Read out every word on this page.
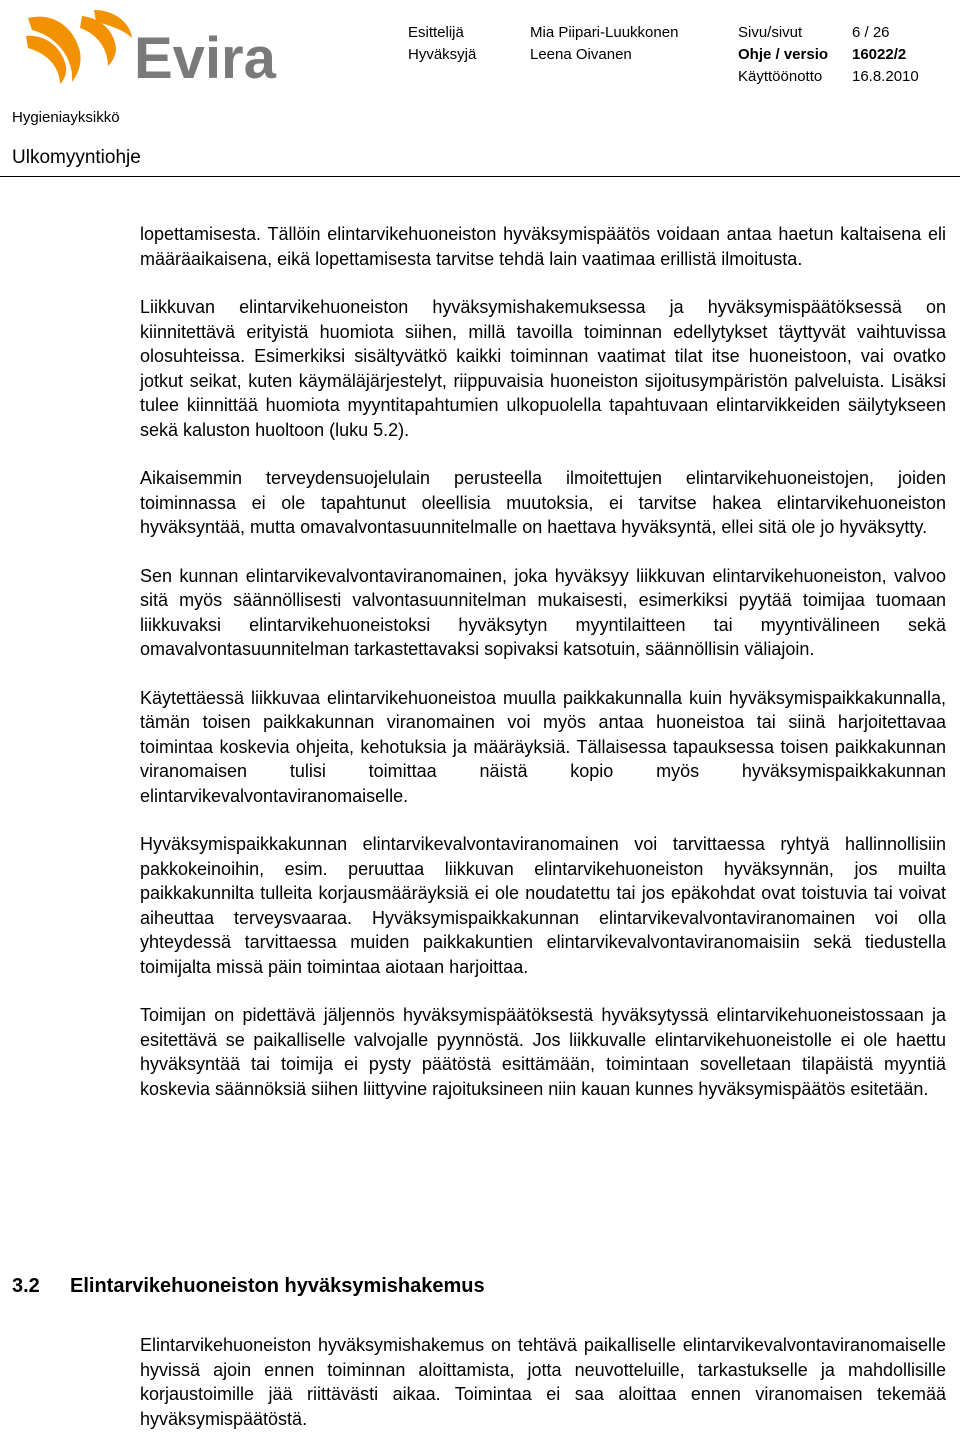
Evira	Esittelijä
Hyväksyjä
Mia Piipari-Luukkonen
Leena Oivanen
Sivu/sivut
Ohje / versio
Käyttöönotto
6 / 26
16022/2
16.8.2010
Hygieniayksikkö
Ulkomyyntiohje

lopettamisesta. Tällöin elintarvikehuoneiston hyväksymispäätös voidaan antaa haetun kaltaisena eli määräaikaisena, eikä lopettamisesta tarvitse tehdä lain vaatimaa erillistä ilmoitusta.

Liikkuvan elintarvikehuoneiston hyväksymishakemuksessa ja hyväksymispäätöksessä on kiinnitettävä erityistä huomiota siihen, millä tavoilla toiminnan edellytykset täyttyvät vaihtuvissa olosuhteissa. Esimerkiksi sisältyvätkö kaikki toiminnan vaatimat tilat itse huoneistoon, vai ovatko jotkut seikat, kuten käymäläjärjestelyt, riippuvaisia huoneiston sijoitusympäristön palveluista. Lisäksi tulee kiinnittää huomiota myyntitapahtumien ulkopuolella tapahtuvaan elintarvikkeiden säilytykseen sekä kaluston huoltoon (luku 5.2).

Aikaisemmin terveydensuojelulain perusteella ilmoitettujen elintarvikehuoneistojen, joiden toiminnassa ei ole tapahtunut oleellisia muutoksia, ei tarvitse hakea elintarvikehuoneiston hyväksyntää, mutta omavalvontasuunnitelmalle on haettava hyväksyntä, ellei sitä ole jo hyväksytty.

Sen kunnan elintarvikevalvontaviranomainen, joka hyväksyy liikkuvan elintarvikehuoneiston, valvoo sitä myös säännöllisesti valvontasuunnitelman mukaisesti, esimerkiksi pyytää toimijaa tuomaan liikkuvaksi elintarvikehuoneistoksi hyväksytyn myyntilaitteen tai myyntivälineen sekä omavalvontasuunnitelman tarkastettavaksi sopivaksi katsotuin, säännöllisin väliajoin.

Käytettäessä liikkuvaa elintarvikehuoneistoa muulla paikkakunnalla kuin hyväksymispaikkakunnalla, tämän toisen paikkakunnan viranomainen voi myös antaa huoneistoa tai siinä harjoitettavaa toimintaa koskevia ohjeita, kehotuksia ja määräyksiä. Tällaisessa tapauksessa toisen paikkakunnan viranomaisen tulisi toimittaa näistä kopio myös hyväksymispaikkakunnan elintarvikevalvontaviranomaiselle.

Hyväksymispaikkakunnan elintarvikevalvontaviranomainen voi tarvittaessa ryhtyä hallinnollisiin pakkokeinoihin, esim. peruuttaa liikkuvan elintarvikehuoneiston hyväksynnän, jos muilta paikkakunnilta tulleita korjausmääräyksiä ei ole noudatettu tai jos epäkohdat ovat toistuvia tai voivat aiheuttaa terveysvaaraa. Hyväksymispaikkakunnan elintarvikevalvontaviranomainen voi olla yhteydessä tarvittaessa muiden paikkakuntien elintarvikevalvontaviranomaisiin sekä tiedustella toimijalta missä päin toimintaa aiotaan harjoittaa.

Toimijan on pidettävä jäljennös hyväksymispäätöksestä hyväksytyssä elintarvikehuoneistossaan ja esitettävä se paikalliselle valvojalle pyynnöstä. Jos liikkuvalle elintarvikehuoneistolle ei ole haettu hyväksyntää tai toimija ei pysty päätöstä esittämään, toimintaan sovelletaan tilapäistä myyntiä koskevia säännöksiä siihen liittyvine rajoituksineen niin kauan kunnes hyväksymispäätös esitetään.

3.2 Elintarvikehuoneiston hyväksymishakemus

Elintarvikehuoneiston hyväksymishakemus on tehtävä paikalliselle elintarvikevalvontaviranomaiselle hyvissä ajoin ennen toiminnan aloittamista, jotta neuvotteluille, tarkastukselle ja mahdollisille korjaustoimille jää riittävästi aikaa. Toimintaa ei saa aloittaa ennen viranomaisen tekemää hyväksymispäätöstä.
